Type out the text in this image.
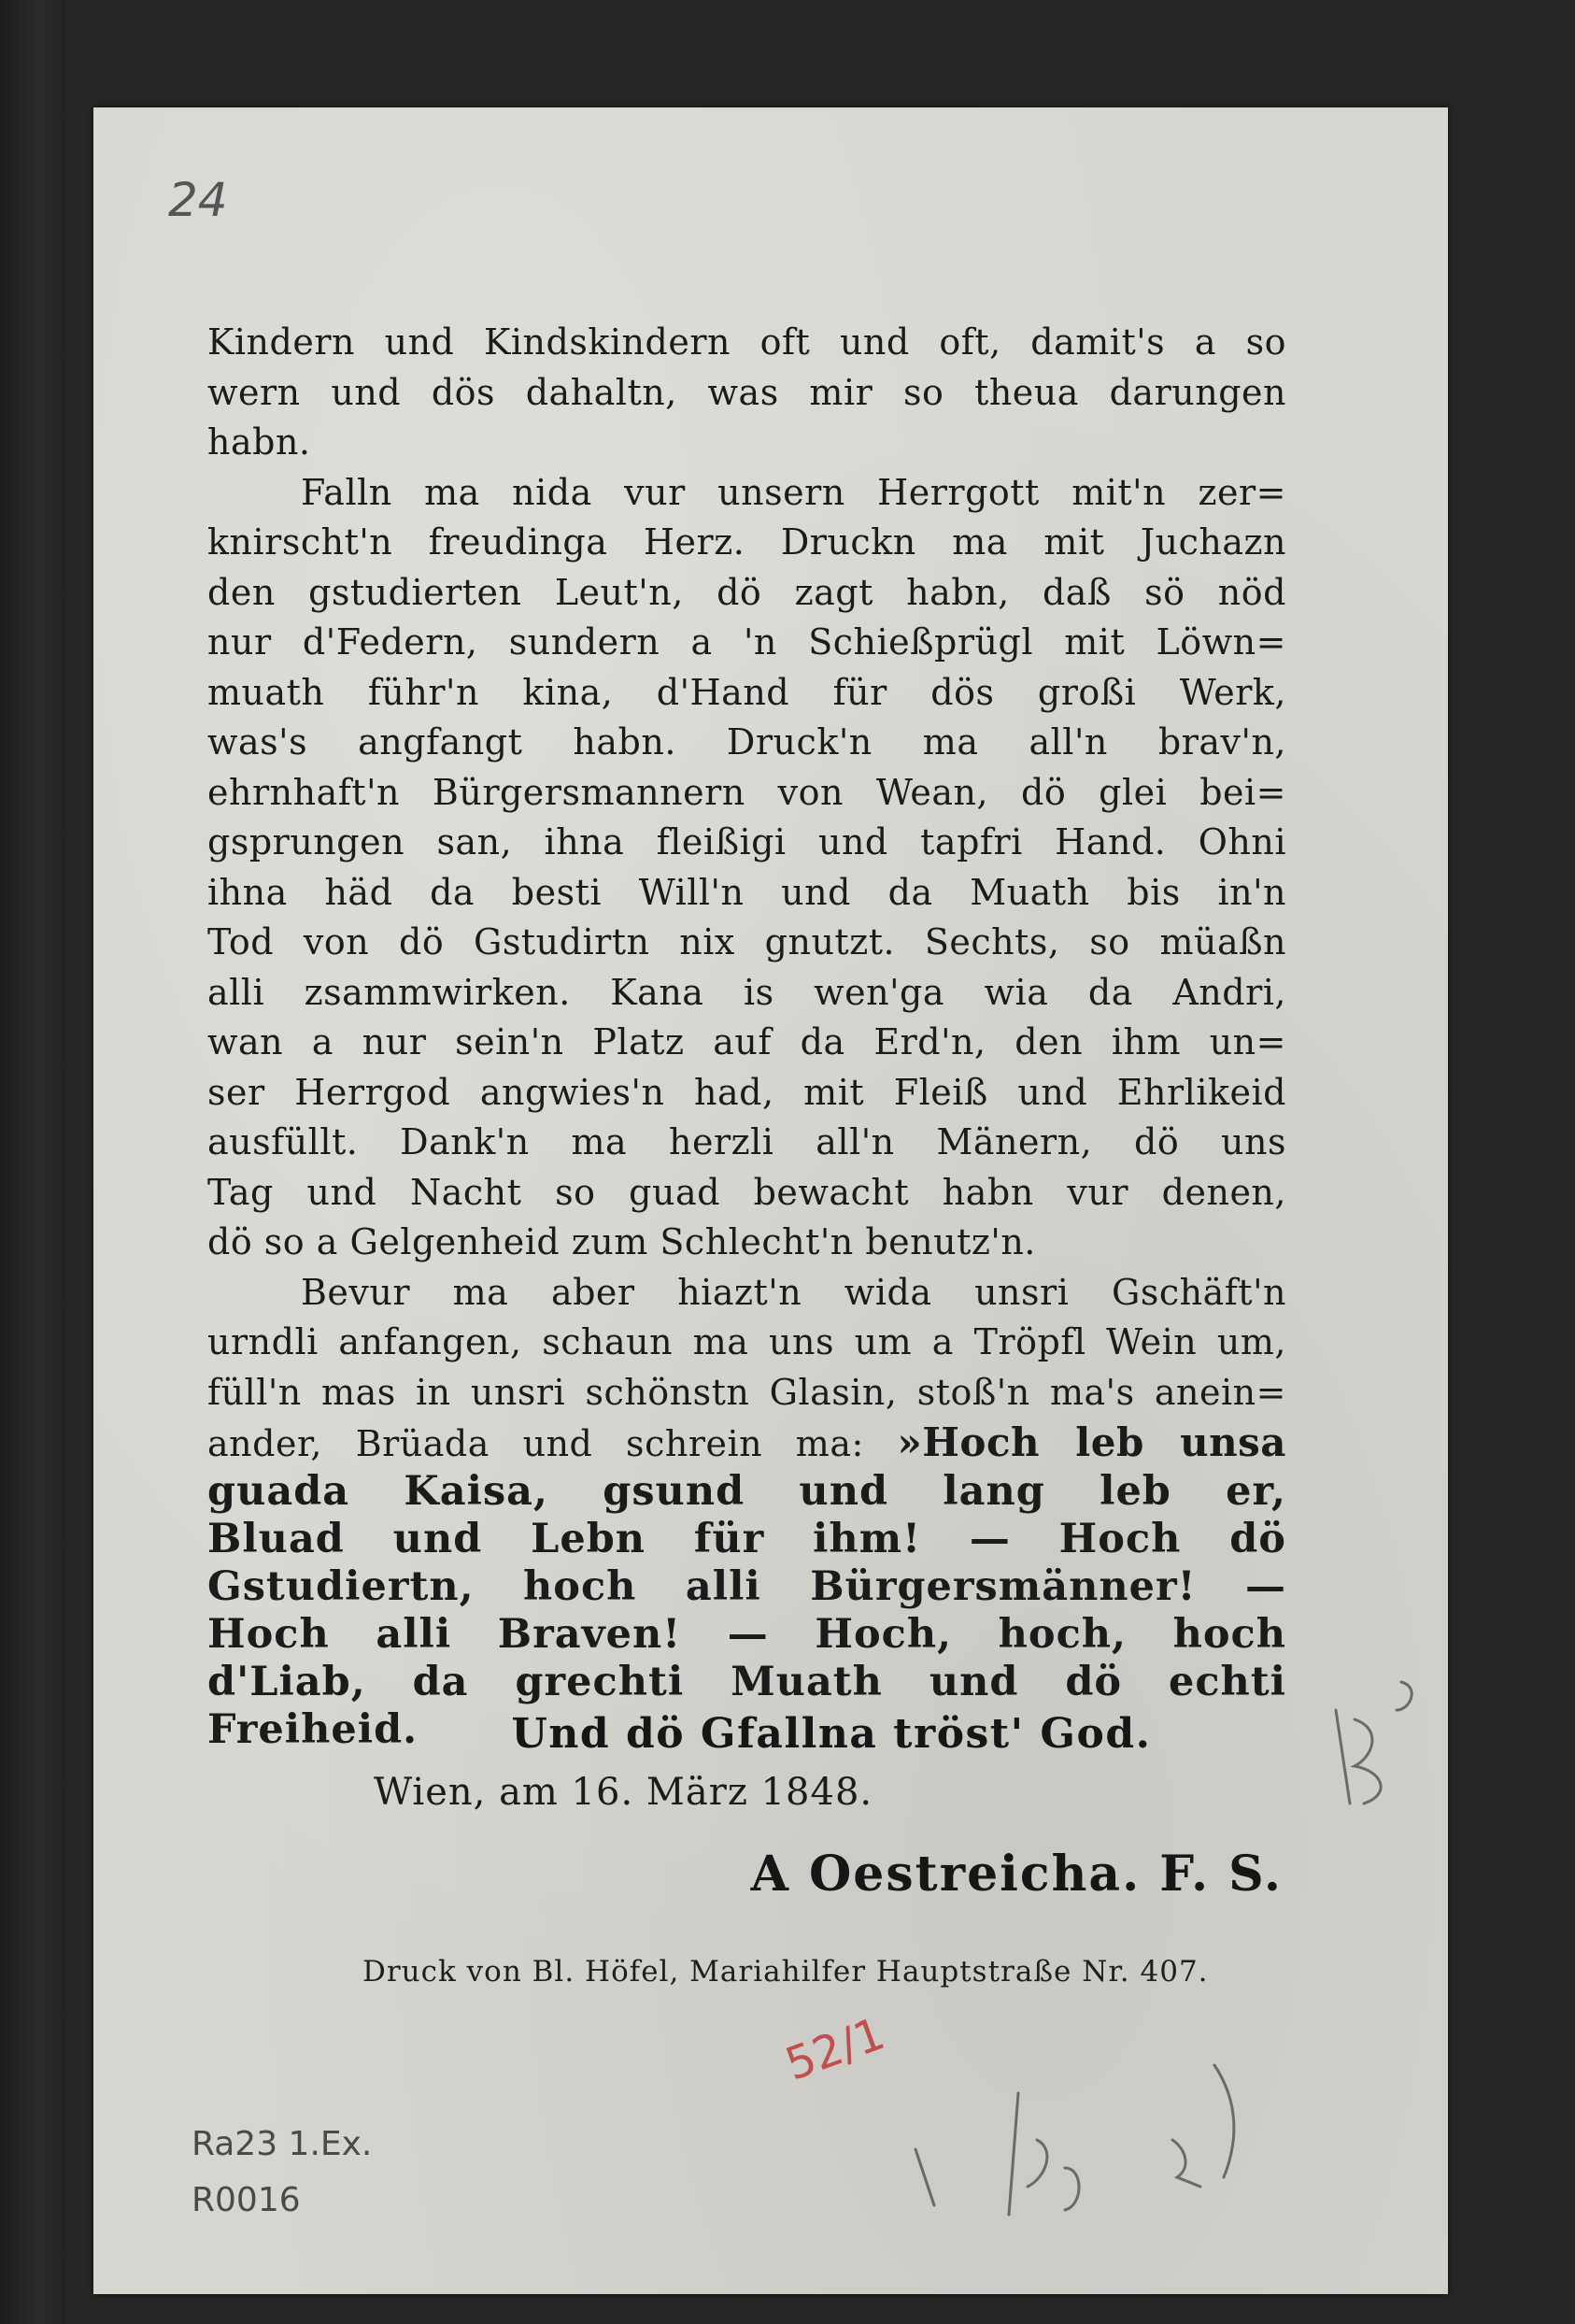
24
Kindern und Kindskindern oft und oft, damit's a so
wern und dös dahaltn, was mir so theua darungen
habn.
Falln ma nida vur unsern Herrgott mit'n zer=
knirscht'n freudinga Herz. Druckn ma mit Juchazn
den gstudierten Leut'n, dö zagt habn, daß sö nöd
nur d'Federn, sundern a 'n Schießprügl mit Löwn=
muath führ'n kina, d'Hand für dös großi Werk,
was's angfangt habn. Druck'n ma all'n brav'n,
ehrnhaft'n Bürgersmannern von Wean, dö glei bei=
gsprungen san, ihna fleißigi und tapfri Hand. Ohni
ihna häd da besti Will'n und da Muath bis in'n
Tod von dö Gstudirtn nix gnutzt. Sechts, so müaßn
alli zsammwirken. Kana is wen'ga wia da Andri,
wan a nur sein'n Platz auf da Erd'n, den ihm un=
ser Herrgod angwies'n had, mit Fleiß und Ehrlikeid
ausfüllt. Dank'n ma herzli all'n Mänern, dö uns
Tag und Nacht so guad bewacht habn vur denen,
dö so a Gelgenheid zum Schlecht'n benutz'n.
Bevur ma aber hiazt'n wida unsri Gschäft'n
urndli anfangen, schaun ma uns um a Tröpfl Wein um,
füll'n mas in unsri schönstn Glasin, stoß'n ma's anein=
ander, Brüada und schrein ma: »Hoch leb unsa
guada Kaisa, gsund und lang leb er,
Bluad und Lebn für ihm! — Hoch dö
Gstudiertn, hoch alli Bürgersmänner! —
Hoch alli Braven! — Hoch, hoch, hoch
d'Liab, da grechti Muath und dö echti
Freiheid.	Und dö Gfallna tröst' God.
Wien, am 16. März 1848.
A Oestreicha. F. S.
Druck von Bl. Höfel, Mariahilfer Hauptstraße Nr. 407.
Ra23 1.Ex.
R0016
52/1
